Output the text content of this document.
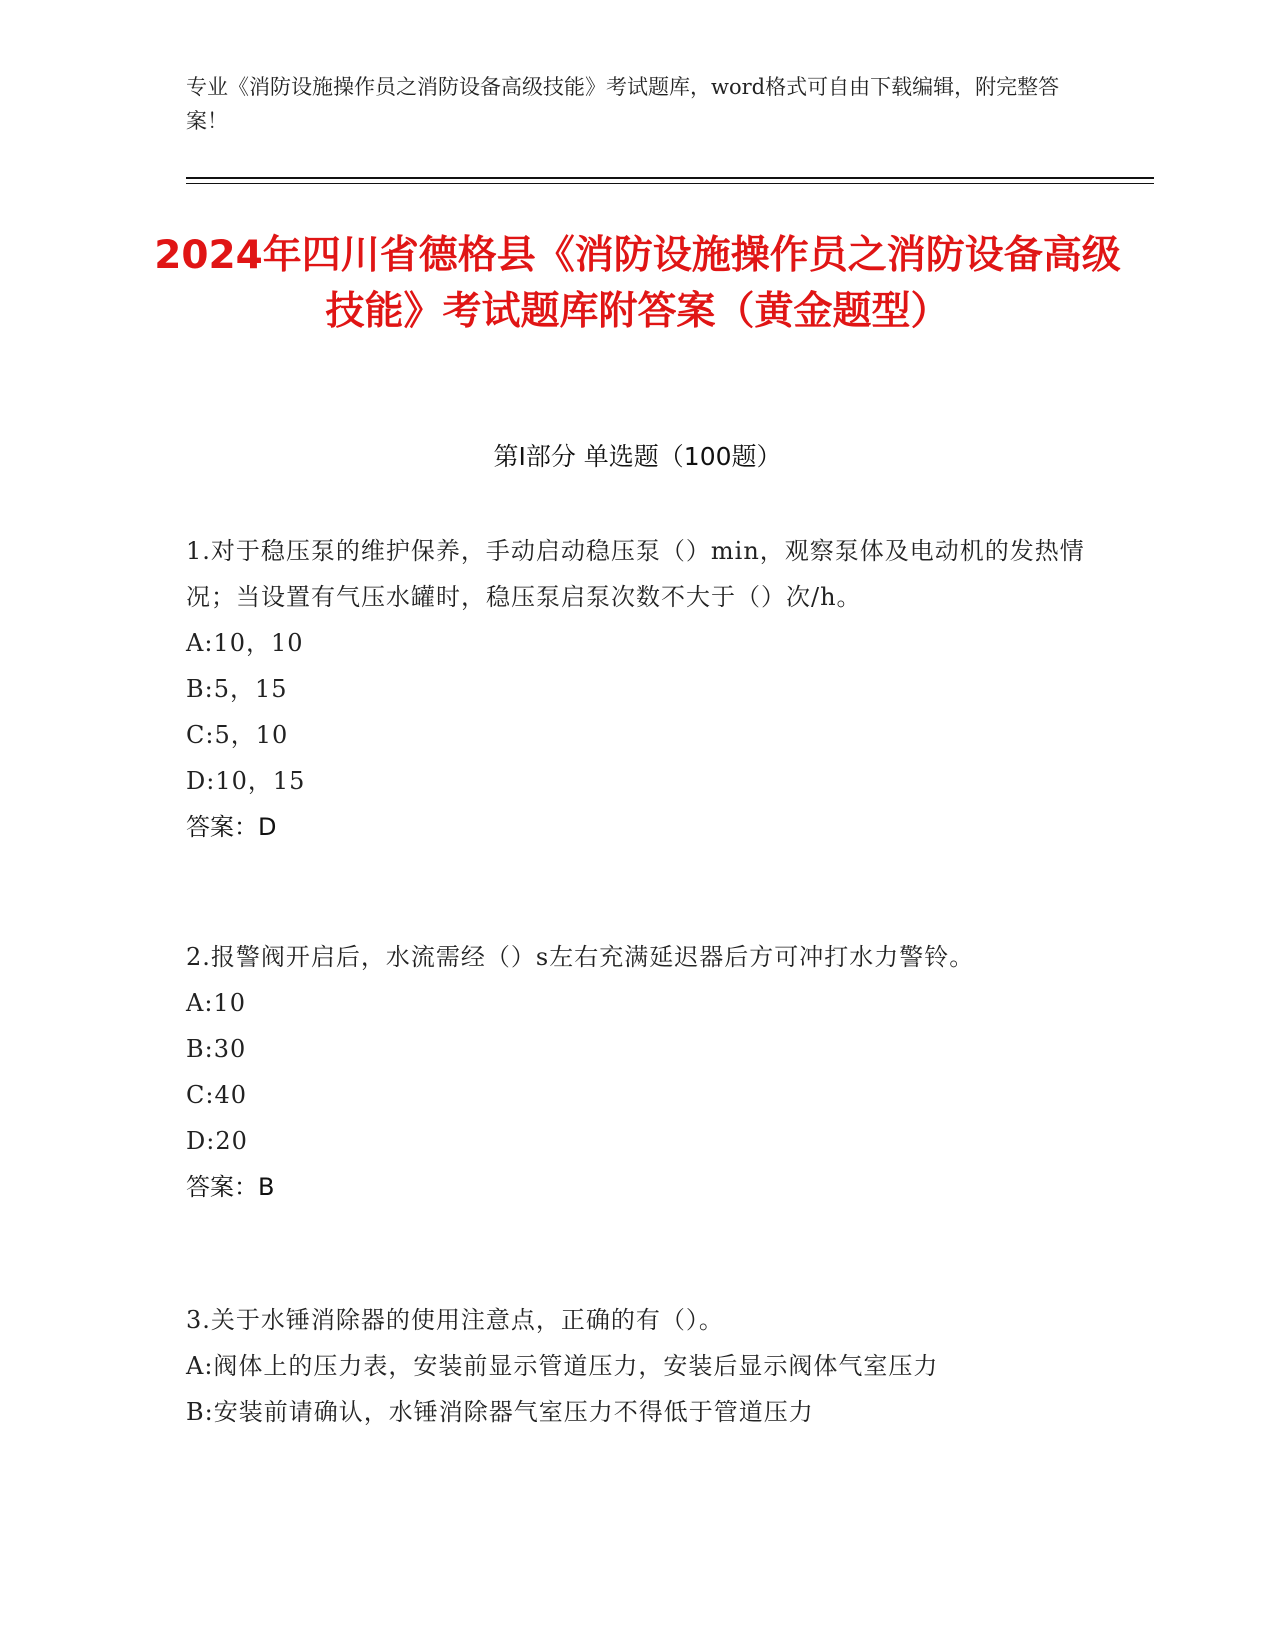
专业《消防设施操作员之消防设备高级技能》考试题库，word格式可自由下载编辑，附完整答案！
2024年四川省德格县《消防设施操作员之消防设备高级技能》考试题库附答案（黄金题型）
第I部分 单选题（100题）

1.对于稳压泵的维护保养，手动启动稳压泵（）min，观察泵体及电动机的发热情况；当设置有气压水罐时，稳压泵启泵次数不大于（）次/h。

A:10，10

B:5，15

C:5，10

D:10，15

答案：D

2.报警阀开启后，水流需经（）s左右充满延迟器后方可冲打水力警铃。

A:10

B:30

C:40

D:20

答案：B

3.关于水锤消除器的使用注意点，正确的有（）。

A:阀体上的压力表，安装前显示管道压力，安装后显示阀体气室压力

B:安装前请确认，水锤消除器气室压力不得低于管道压力
